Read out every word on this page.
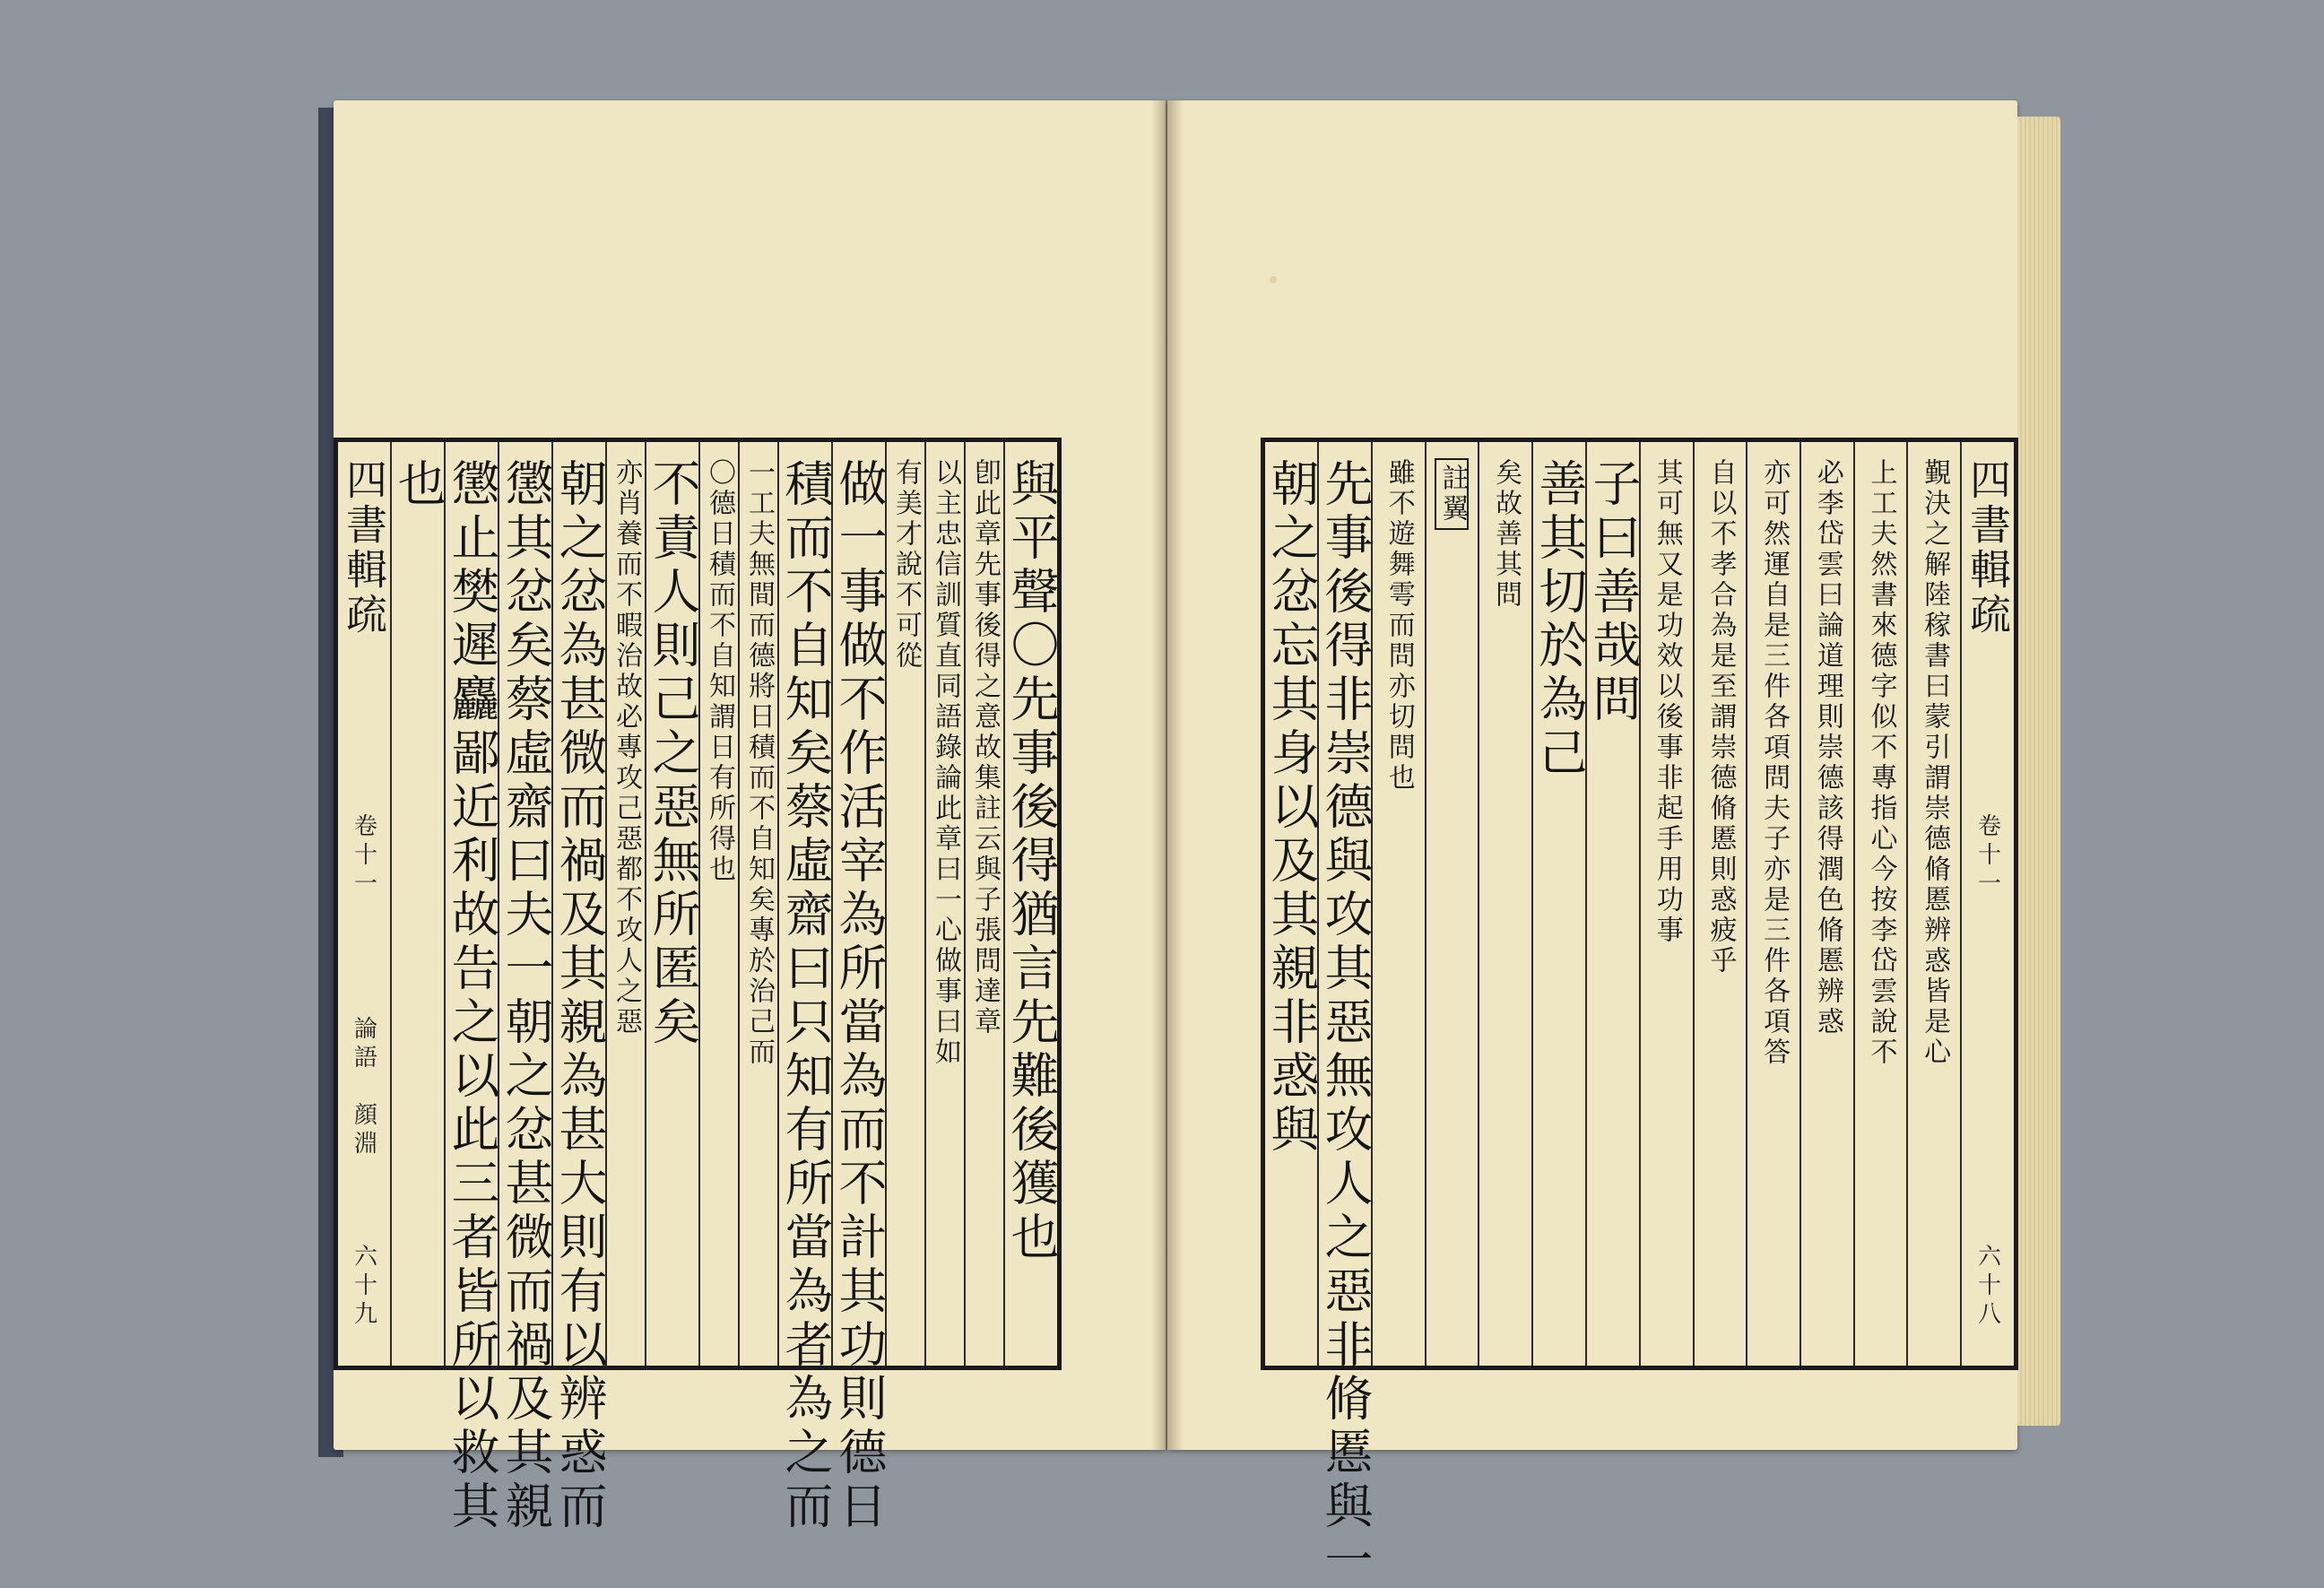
與平聲〇先事後得猶言先難後獲也
卽此章先事後得之意故集註云與子張問達章
以主忠信訓質直同語錄論此章曰一心做事曰如
有美才說不可從
做一事做不作活宰為所當為而不計其功則德日
積而不自知矣蔡虛齋曰只知有所當為者為之而
一工夫無間而德將日積而不自知矣專於治己而
〇德日積而不自知謂日有所得也
不責人則己之惡無所匿矣
亦肖養而不暇治故必專攻己惡都不攻人之惡
朝之忿為甚微而禍及其親為甚大則有以辨惑而
懲其忿矣蔡虛齋曰夫一朝之忿甚微而禍及其親
懲止樊遲麤鄙近利故告之以此三者皆所以救其
也
四書輯疏
卷十一
論語　顔淵
六十九
四書輯疏
卷十一
六十八
覲決之解陸稼書曰蒙引謂崇德脩慝辨惑皆是心
上工夫然書來德字似不專指心今按李岱雲說不
必李岱雲曰論道理則崇德該得潤色脩慝辨惑
亦可然運自是三件各項問夫子亦是三件各項答
自以不孝合為是至謂崇德脩慝則惑疲乎
其可無又是功效以後事非起手用功事
子曰善哉問
善其切於為己
矣故善其問
註翼
雖不遊舞雩而問亦切問也
先事後得非崇德與攻其惡無攻人之惡非脩慝與一
朝之忿忘其身以及其親非惑與
